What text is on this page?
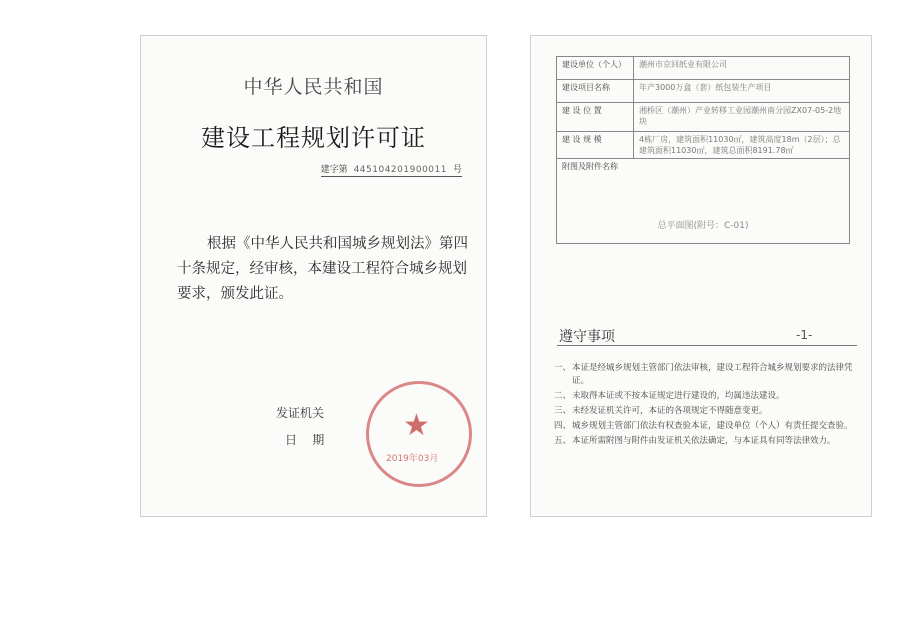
中华人民共和国
建设工程规划许可证
建字第 445104201900011 号
根据《中华人民共和国城乡规划法》第四十条规定，经审核，本建设工程符合城乡规划要求，颁发此证。
发证机关
日    期	★
2019年03月
建设单位（个人）	潮州市京回纸业有限公司
建设项目名称	年产3000万盒（套）纸包装生产项目
建 设 位 置	湘桥区（潮州）产业转移工业园潮州南分园ZX07-05-2地块
建 设 规 模	4栋厂房，建筑面积11030㎡，建筑高度18m（2层）；总建筑面积11030㎡，建筑总面积8191.78㎡

附图及附件名称
总平面图(附号：C-01)	
遵守事项	-1-
一、 本证是经城乡规划主管部门依法审核，建设工程符合城乡规划要求的法律凭证。
二、 未取得本证或不按本证规定进行建设的，均属违法建设。
三、 未经发证机关许可，本证的各项规定不得随意变更。
四、 城乡规划主管部门依法有权查验本证，建设单位（个人）有责任提交查验。
五、 本证所需附图与附件由发证机关依法确定，与本证具有同等法律效力。
